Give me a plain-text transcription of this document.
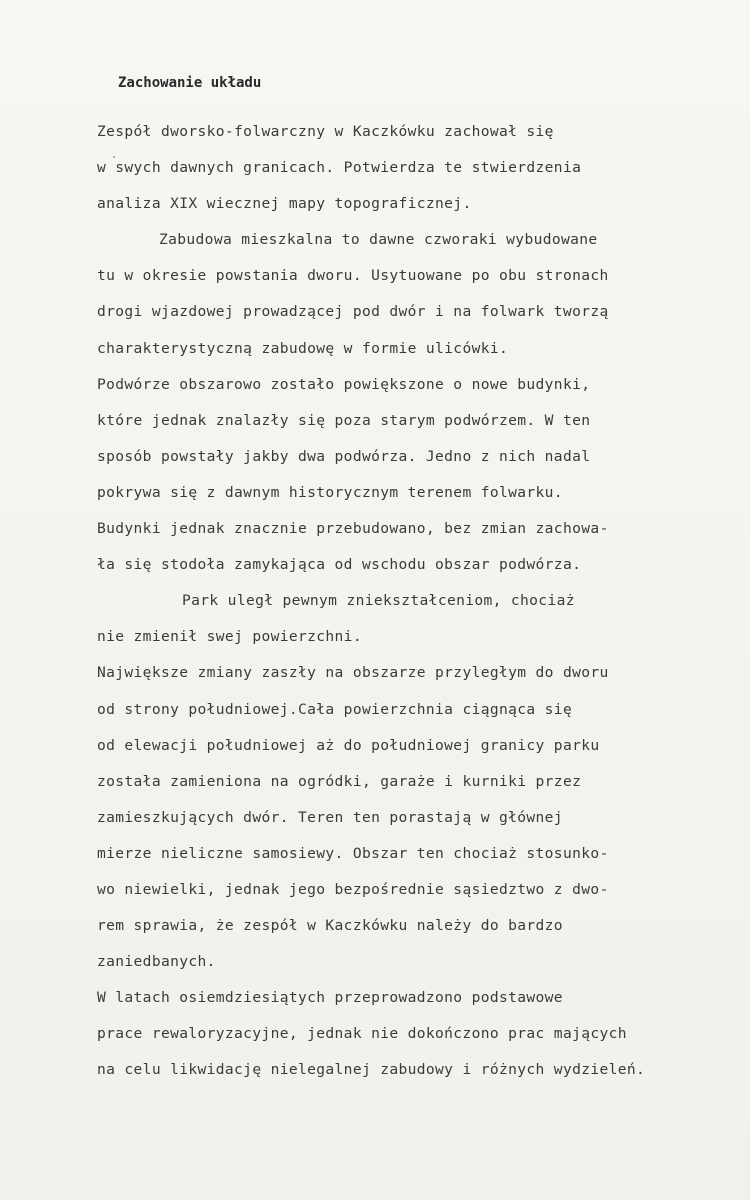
Zachowanie układu
Zespół dworsko-folwarczny w Kaczkówku zachował się
w swych dawnych granicach. Potwierdza te stwierdzenia
analiza XIX wiecznej mapy topograficznej.
Zabudowa mieszkalna to dawne czworaki wybudowane
tu w okresie powstania dworu. Usytuowane po obu stronach
drogi wjazdowej prowadzącej pod dwór i na folwark tworzą
charakterystyczną zabudowę w formie ulicówki.
Podwórze obszarowo zostało powiększone o nowe budynki,
które jednak znalazły się poza starym podwórzem. W ten
sposób powstały jakby dwa podwórza. Jedno z nich nadal
pokrywa się z dawnym historycznym terenem folwarku.
Budynki jednak znacznie przebudowano, bez zmian zachowa-
ła się stodoła zamykająca od wschodu obszar podwórza.
Park uległ pewnym zniekształceniom, chociaż
nie zmienił swej powierzchni.
Największe zmiany zaszły na obszarze przyległym do dworu
od strony południowej.Cała powierzchnia ciągnąca się
od elewacji południowej aż do południowej granicy parku
została zamieniona na ogródki, garaże i kurniki przez
zamieszkujących dwór. Teren ten porastają w głównej
mierze nieliczne samosiewy. Obszar ten chociaż stosunko-
wo niewielki, jednak jego bezpośrednie sąsiedztwo z dwo-
rem sprawia, że zespół w Kaczkówku należy do bardzo
zaniedbanych.
W latach osiemdziesiątych przeprowadzono podstawowe
prace rewaloryzacyjne, jednak nie dokończono prac mających
na celu likwidację nielegalnej zabudowy i różnych wydzieleń.
